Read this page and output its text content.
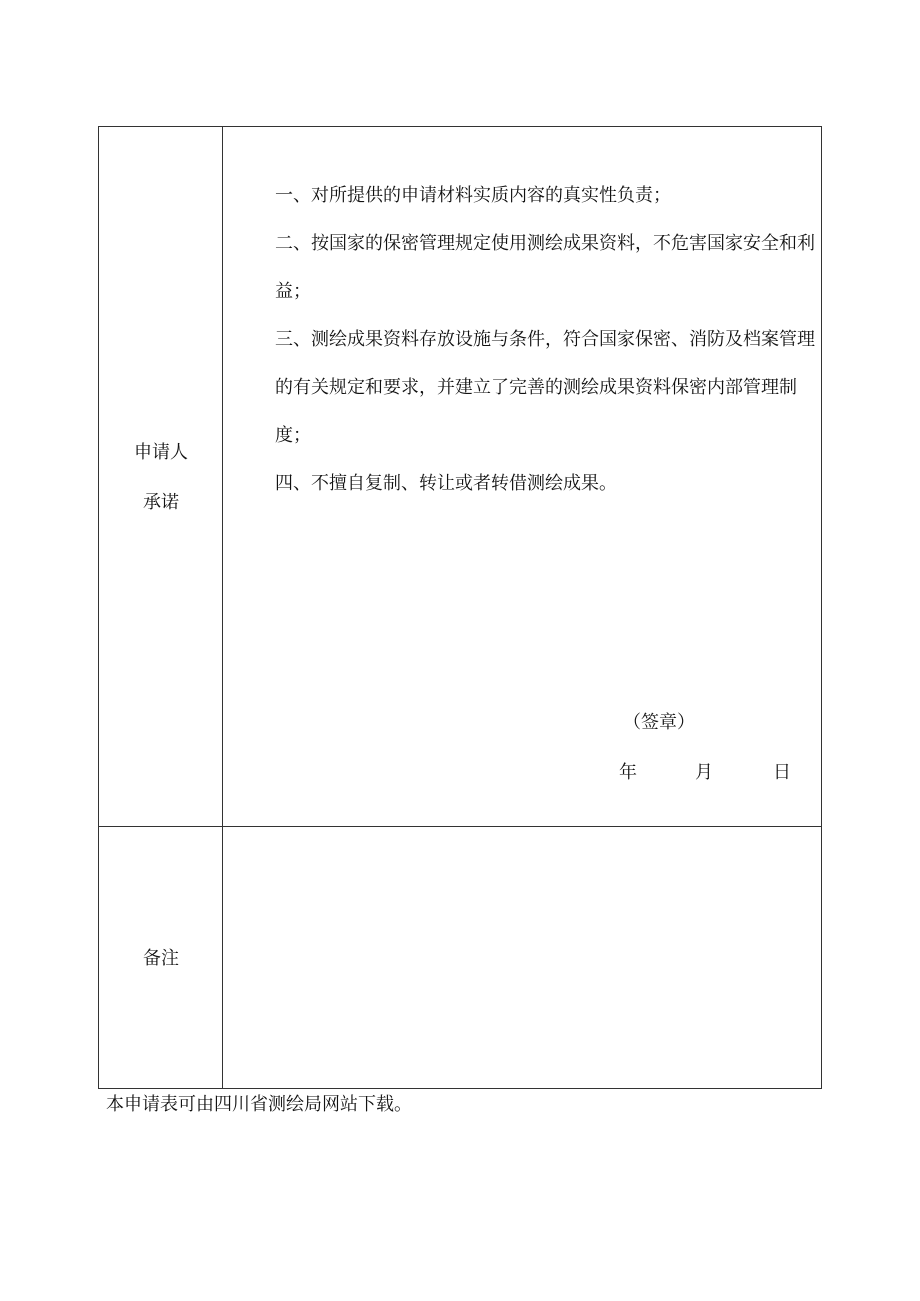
申请人
承诺
一、对所提供的申请材料实质内容的真实性负责；
二、按国家的保密管理规定使用测绘成果资料，不危害国家安全和利益；
三、测绘成果资料存放设施与条件，符合国家保密、消防及档案管理的有关规定和要求，并建立了完善的测绘成果资料保密内部管理制度；
四、不擅自复制、转让或者转借测绘成果。
（签章）
年	月	日
备注
本申请表可由四川省测绘局网站下载。
